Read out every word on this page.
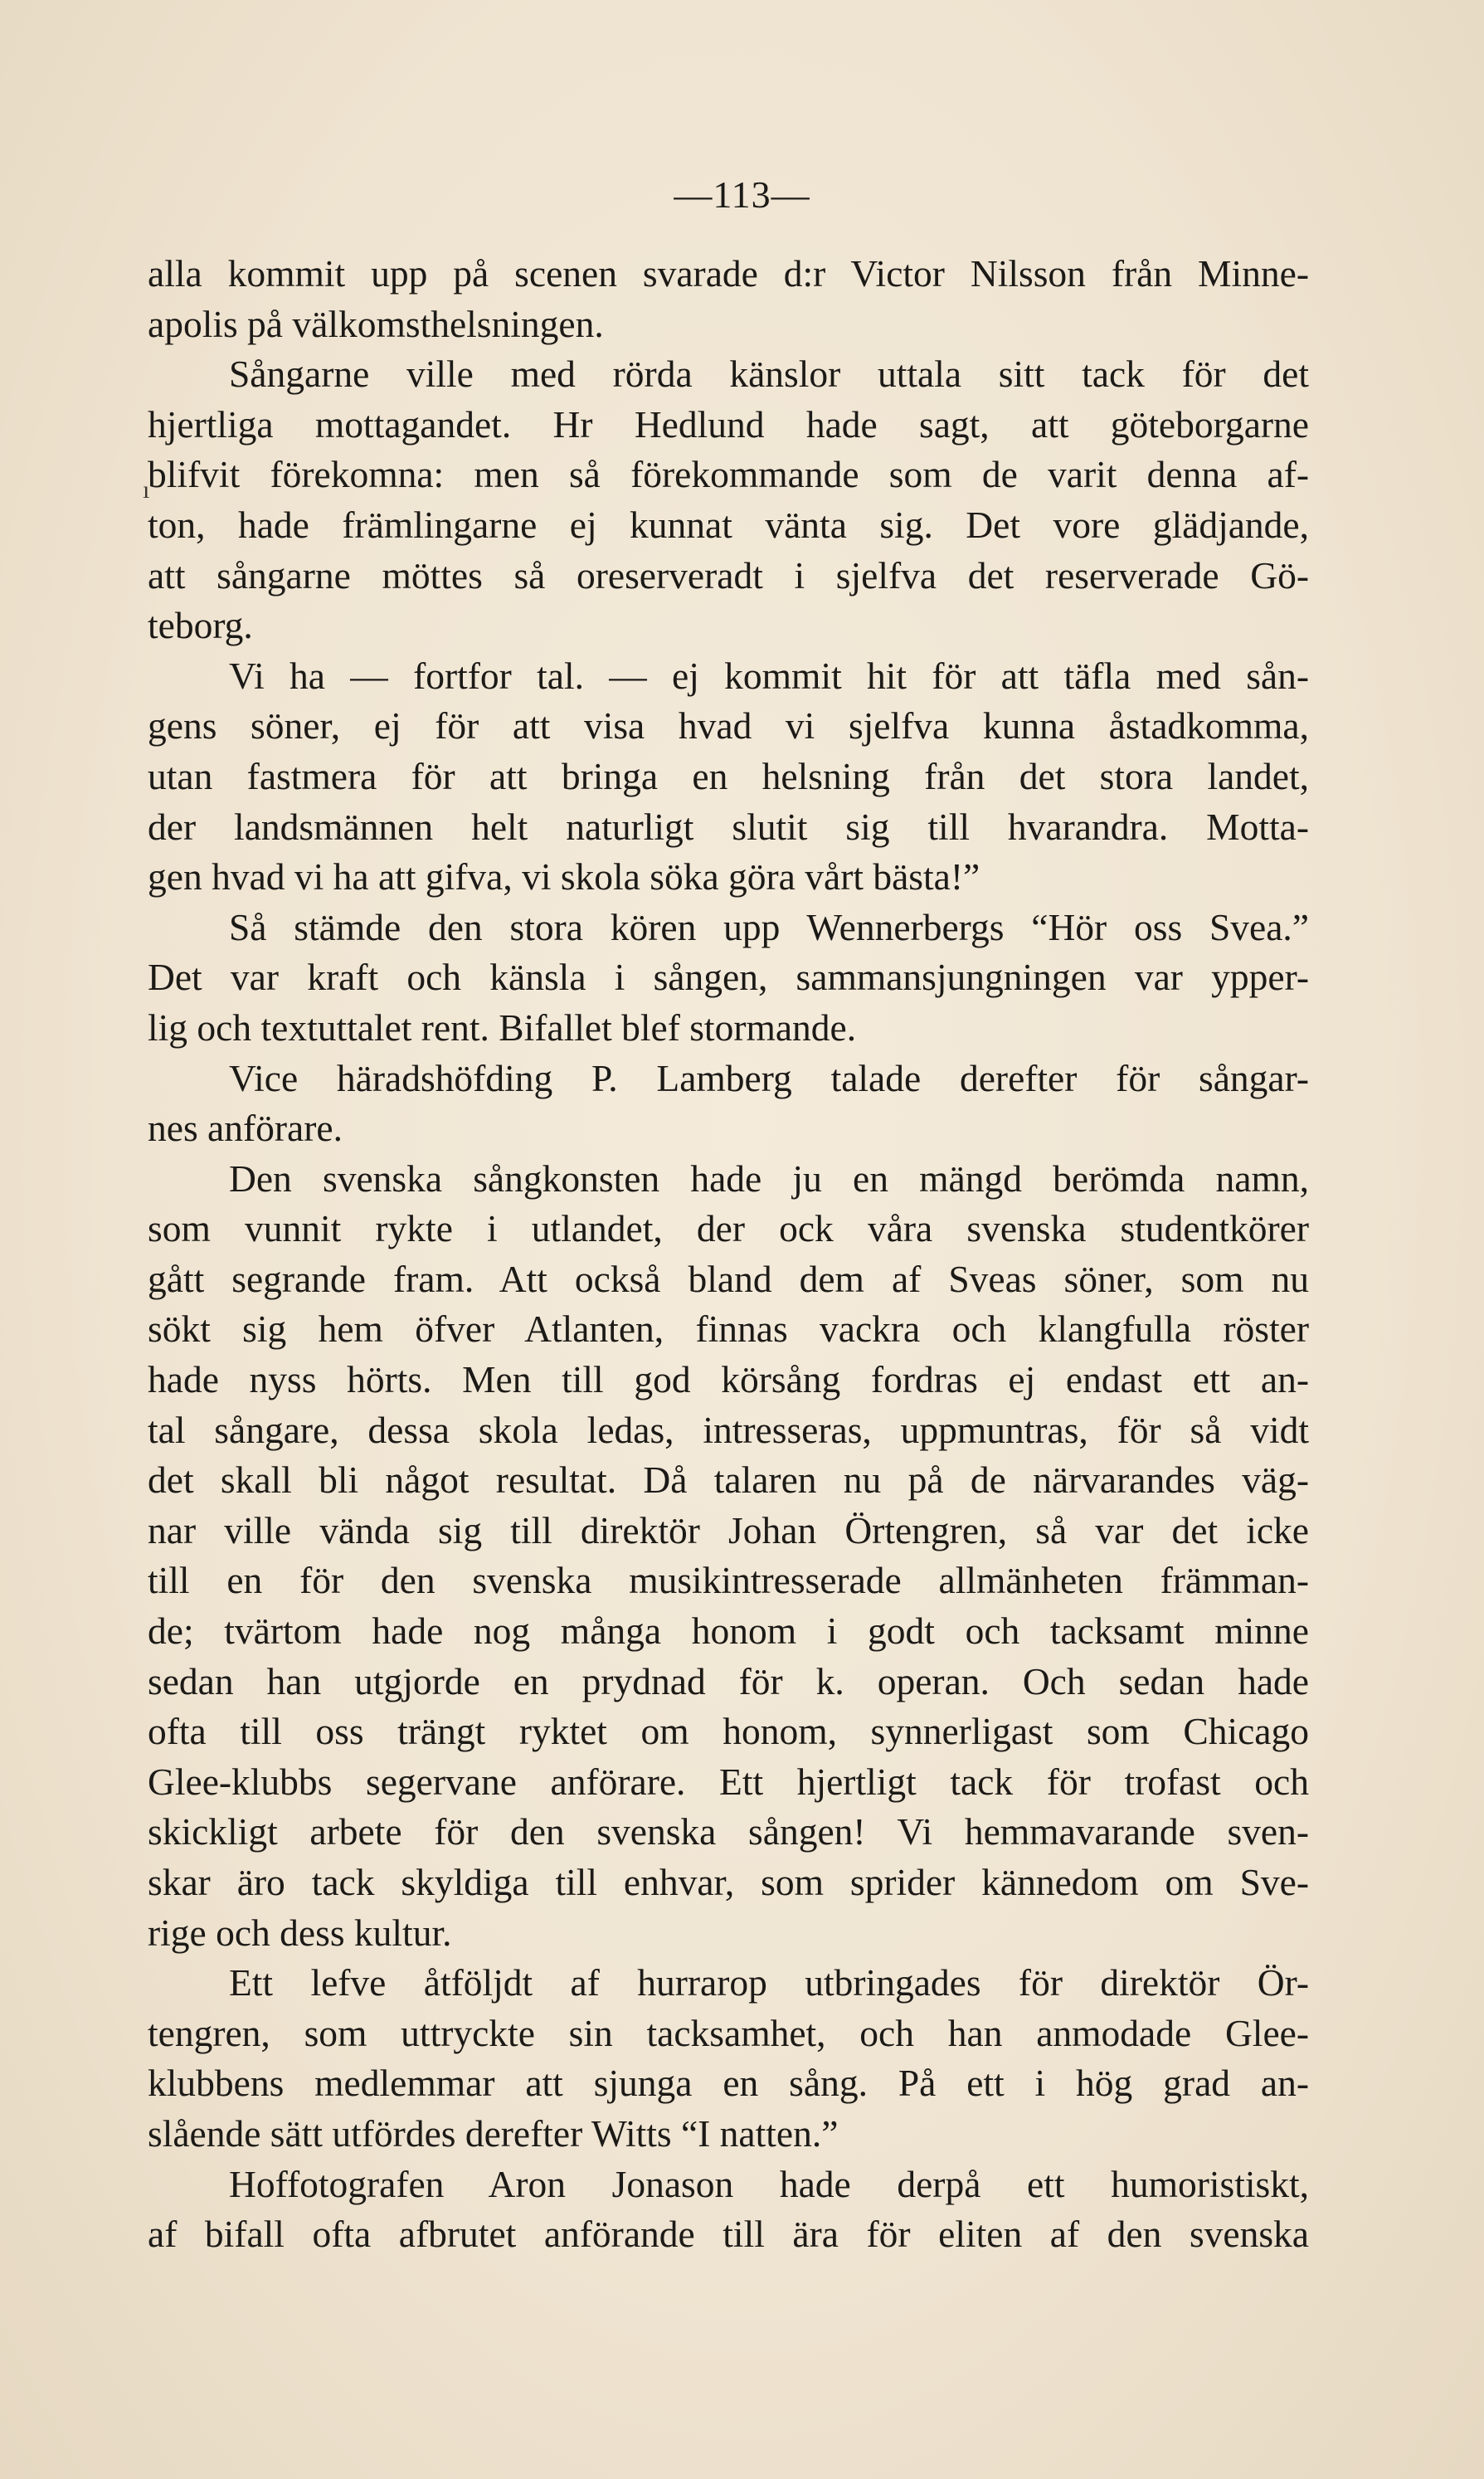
—113—
alla kommit upp på scenen svarade d:r Victor Nilsson från Minne-
apolis på välkomsthelsningen.
Sångarne ville med rörda känslor uttala sitt tack för det
hjertliga mottagandet. Hr Hedlund hade sagt, att göteborgarne
blifvit förekomna: men så förekommande som de varit denna af-
ton, hade främlingarne ej kunnat vänta sig. Det vore glädjande,
att sångarne möttes så oreserveradt i sjelfva det reserverade Gö-
teborg.
Vi ha — fortfor tal. — ej kommit hit för att täfla med sån-
gens söner, ej för att visa hvad vi sjelfva kunna åstadkomma,
utan fastmera för att bringa en helsning från det stora landet,
der landsmännen helt naturligt slutit sig till hvarandra. Motta-
gen hvad vi ha att gifva, vi skola söka göra vårt bästa!”
Så stämde den stora kören upp Wennerbergs “Hör oss Svea.”
Det var kraft och känsla i sången, sammansjungningen var ypper-
lig och textuttalet rent. Bifallet blef stormande.
Vice häradshöfding P. Lamberg talade derefter för sångar-
nes anförare.
Den svenska sångkonsten hade ju en mängd berömda namn,
som vunnit rykte i utlandet, der ock våra svenska studentkörer
gått segrande fram. Att också bland dem af Sveas söner, som nu
sökt sig hem öfver Atlanten, finnas vackra och klangfulla röster
hade nyss hörts. Men till god körsång fordras ej endast ett an-
tal sångare, dessa skola ledas, intresseras, uppmuntras, för så vidt
det skall bli något resultat. Då talaren nu på de närvarandes väg-
nar ville vända sig till direktör Johan Örtengren, så var det icke
till en för den svenska musikintresserade allmänheten främman-
de; tvärtom hade nog många honom i godt och tacksamt minne
sedan han utgjorde en prydnad för k. operan. Och sedan hade
ofta till oss trängt ryktet om honom, synnerligast som Chicago
Glee-klubbs segervane anförare. Ett hjertligt tack för trofast och
skickligt arbete för den svenska sången! Vi hemmavarande sven-
skar äro tack skyldiga till enhvar, som sprider kännedom om Sve-
rige och dess kultur.
Ett lefve åtföljdt af hurrarop utbringades för direktör Ör-
tengren, som uttryckte sin tacksamhet, och han anmodade Glee-
klubbens medlemmar att sjunga en sång. På ett i hög grad an-
slående sätt utfördes derefter Witts “I natten.”
Hoffotografen Aron Jonason hade derpå ett humoristiskt,
af bifall ofta afbrutet anförande till ära för eliten af den svenska
ı
